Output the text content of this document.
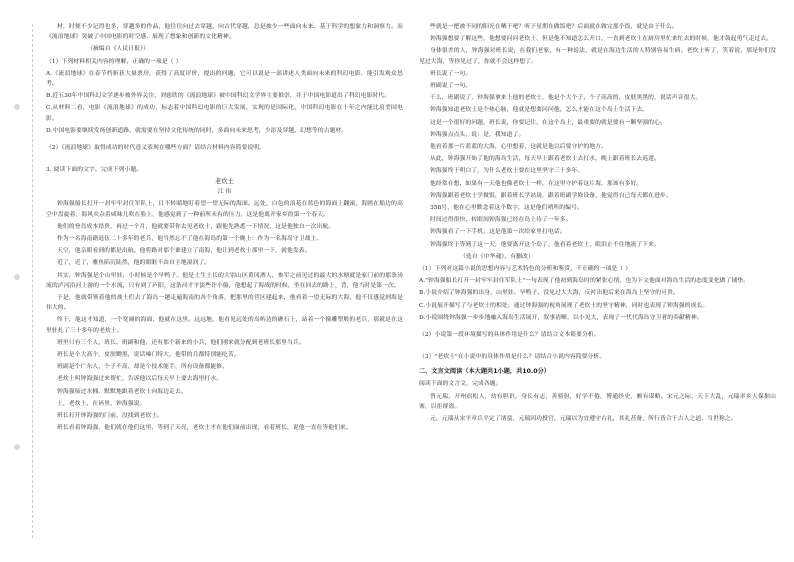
材，时便不少记得也多，穿越多的作品，他往往向过去穿越，向古代穿越，总是披少一些面向未来、基于科学的想象力和洞察力。而《流浪地球》突破了中国电影的时空感，展现了想象和创新的文化精神。

（摘编自《人民日报》）

（1）下列材料相关内容的理解，正确的一项是（ ）

A.《流浪地球》在春节档斩获大量票房，获得了高度评价，提出的问题，它可以说是一部讲述人类面向未来的科幻电影，能引发观众思考。

B.近五30年中国科幻文学逐步被外界关注，刘慈欣的《流浪地球》被中国科幻文学界主要推崇，并于中国电影道出了科幻电影时代。

C.从材料二看，电影《流浪地球》的成功，标志着中国科幻电影的巨大发展，实现的是国际化，中国科幻电影在十年之内能比肩美国电影。

D.中国电影要继续发扬创新道路，就需要在坚持文化传统的同时，多面向未来思考，少添及穿越、幻想等的古题材。

（2）《流浪地球》取得成功的时代意义表现在哪些方面？请结合材料内容简要说明。

3. 阅读下面的文字，完成下列小题。

老炊士

江 伟

钟海强船长打开一封牢牢封住军队上，目不转睛地盯着望一望无际的海面。远处，白色的浪花在蓝色的海面上翻滚，海鸥在船边的高空中盘旋着，海风夹杂着咸味儿吹在脸上，他感觉到了一种前所未有的压力，这是他离开家乡的第一个春天。

他们的登岛成本昂贵，再过一个月，他就要带你去见老炊士，跟他先熟悉一下情况，这是他独自一次出航。

作为一名海南籍退伍二十多年的老兵，他当然忘不了他在海岛的第一个晚上：作为一名海岛守卫战士。

天空，他亲眼看到的都是出航。他将路对那个谁建立了南海，他让到老炊士那里一下，就他发表。

近了，近了，雅鱼陷沉陆然，他的眼眶不由自主地湿润了。

其实，钟海强是个山里娃，小时候是个旱鸭子。他是土生土长的大别山区黄冈洒人，参军之前见过的最大的水塘就是家门前的那条汤流的泸河沿河上游的一个水流，只有到了庐阳，这条河才平淡些许小船，他想起了海战的时候，坐在回去的路上，背，他当时是第一次。

于是，他就带领着他的战士们去了海岛一趟走遍海南的各个角落，把那里的营区建起来，他看着一望无际的大海，他不仅感觉到海是伟大的。

终于，他这才知道，一个宽阔的海面，他就在这里。远远地，他看见远处的岛屿边的礁石上，站着一个像雕塑般的老兵，那就是在这里驻扎了三十多年的老炊士。

班里只有三个人，班长、班副和他，还有那个新来的小兵，他们刚来就分配到老班长那里当兵。

班长是个大高个，皮肤黝黑，说话嗓门特大，他带的兵都特别能吃苦。

班副是个广东人，个子不高，却是个技术能手，所有设备都能修。

老炊士叫钟海强过来帮忙，告诉他以后每天早上要去海里打水。

钟海强接过水桶，默默地跟着老炊士向海边走去。

土，老炊士，在码里，钟海强说。

班长打开钟海强的门前，没找到老炊士。

班长看着钟海强，他们就在他们这里，等到了天亮，老炊士才在他们面前出现，看着班长，说他一直在等他们来。

些就是一把被不同的阳光在晒干吧？听下星期在做饭吧？后面就在做完那个饭，就是由于什么。

钟海强想要了解这些，他想要问问老炊士，但是他不知道怎么开口，一直到老炊士在厨房里忙来忙去的时候，他才鼓起勇气走过去。

身体很差的人，钟海强对班长说，在我们老家，有一种说法，就是在海边生活的人特别容易生病。老炊士听了，笑着说，那是你们没见过大海，等你见过了，你就不会这样想了。

班长说了一句。

班副说了一句。

干么，班副说了，钟海强拿来上他的老炊士，他是个大个子，个子高高的，皮肤黑黑的，说话声音很大。

钟海强知道老炊士是个热心肠，他就是想要问问他，怎么才能在这个岛上生活下去。

这是一个很好的问题，班长说，你要记住，在这个岛上，最重要的就是要有一颗坚强的心。

钟海强点点头，说：是，我知道了。

他看着那一片蓝蓝的大海，心里想着，这就是他以后要守护的地方。

从此，钟海强开始了他的海岛生活，每天早上跟着老炊士去打水，晚上跟着班长去巡逻。

钟海强终于明白了，为什么老炊士要在这里坚守三十多年。

他经常在想，如果有一天他也像老炊士一样，在这里守护着这片海，那该有多好。

钟海强跟着老炊士学做饭，跟着班长学站岗，跟着班副学修设备，他觉得自己每天都在进步。

358号，他在心里默念着这个数字，这是他们哨所的编号。

时间过得很快，转眼间钟海强已经在岛上待了一年多。

钟海强看了一下手机，这是他第一次给家里打电话。

钟海强终于等到了这一天，他要离开这个岛了，他看着老炊士，眼泪止不住地流了下来。

（选自《中华魂》，有删改）

（1）下列对这篇小说的思想内容与艺术特色的分析和鉴赏，不正确的一项是（ ）

A."钟海强船长打开一封牢牢封住军队上"一句表现了他初到海岛时的紧张心情，也为下文他面对海岛生活的态度变化做了铺垫。

B.小说介绍了钟海强的出身、山里娃、旱鸭子，没见过大大海，反衬出他后来在海岛上坚守的可贵。

C.小说展开描写了与老炊士的相处，通过钟海强的视角展现了老炊士的坚守精神，同时也表现了钟海强的成长。

D.小说围绕钟海强一步步地融入海岛生活展开，叙事清晰，以小见大，表现了一代代海岛守卫者的奉献精神。

（2）小说第一段环境描写的具体作用是什么？请结合文本简要分析。

（3）"老炊士"在小说中的具体作用是什么？请结合小说内容简要分析。

二、文言文阅读（本大题共1小题，共10.0分）

阅读下面的文言文，完成各题。

曾元瑞，开州宿松人，幼有胆识，身长有志，善骑射，好学不倦，博通经史，颇有谋略。宋元之际，天下大乱，元瑞率乡人保据山寨，以拒群盗。

元，元瑞从宋平章兵平定了诸蛮，元瑞因功授官，元瑞以为宜遵守古礼，其礼甚备，所行皆合于古人之道，当世称之。
